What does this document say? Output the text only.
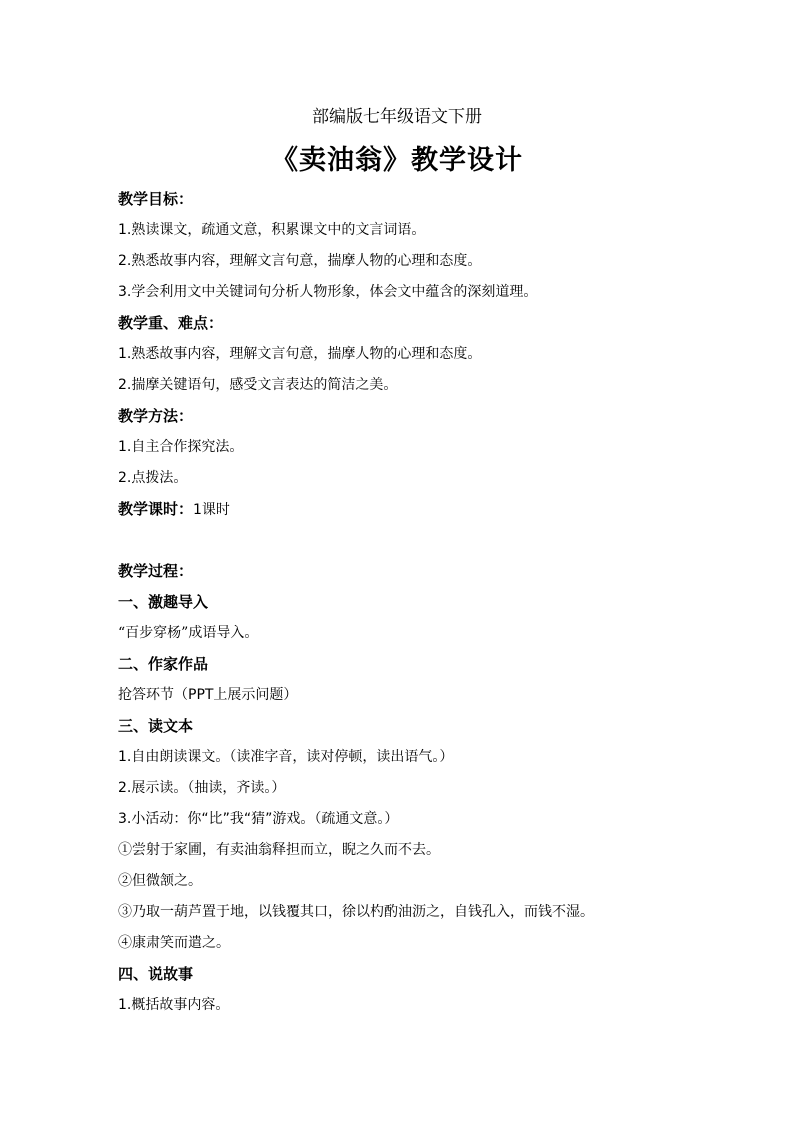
部编版七年级语文下册
《卖油翁》教学设计
教学目标：
1.熟读课文，疏通文意，积累课文中的文言词语。
2.熟悉故事内容，理解文言句意，揣摩人物的心理和态度。
3.学会利用文中关键词句分析人物形象，体会文中蕴含的深刻道理。
教学重、难点：
1.熟悉故事内容，理解文言句意，揣摩人物的心理和态度。
2.揣摩关键语句，感受文言表达的简洁之美。
教学方法：
1.自主合作探究法。
2.点拨法。
教学课时：1课时
教学过程：
一、激趣导入
“百步穿杨”成语导入。
二、作家作品
抢答环节（PPT上展示问题）
三、读文本
1.自由朗读课文。（读准字音，读对停顿，读出语气。）
2.展示读。（抽读，齐读。）
3.小活动：你“比”我“猜”游戏。（疏通文意。）
①尝射于家圃，有卖油翁释担而立，睨之久而不去。
②但微颔之。
③乃取一葫芦置于地，以钱覆其口，徐以杓酌油沥之，自钱孔入，而钱不湿。
④康肃笑而遣之。
四、说故事
1.概括故事内容。
